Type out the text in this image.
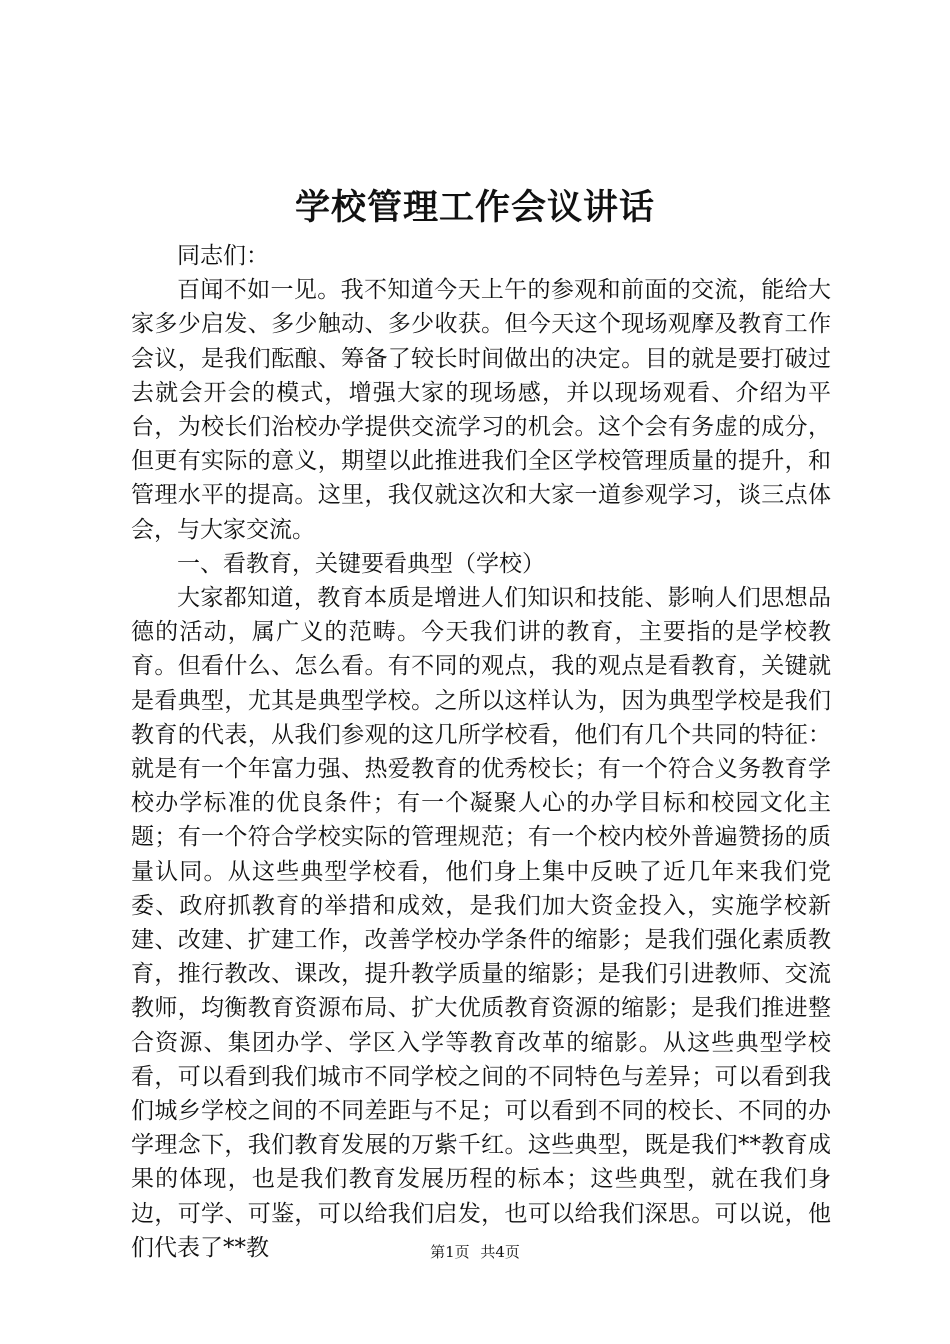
学校管理工作会议讲话

同志们：

百闻不如一见。我不知道今天上午的参观和前面的交流，能给大家多少启发、多少触动、多少收获。但今天这个现场观摩及教育工作会议，是我们酝酿、筹备了较长时间做出的决定。目的就是要打破过去就会开会的模式，增强大家的现场感，并以现场观看、介绍为平台，为校长们治校办学提供交流学习的机会。这个会有务虚的成分，但更有实际的意义，期望以此推进我们全区学校管理质量的提升，和管理水平的提高。这里，我仅就这次和大家一道参观学习，谈三点体会，与大家交流。

一、看教育，关键要看典型（学校）

大家都知道，教育本质是增进人们知识和技能、影响人们思想品德的活动，属广义的范畴。今天我们讲的教育，主要指的是学校教育。但看什么、怎么看。有不同的观点，我的观点是看教育，关键就是看典型，尤其是典型学校。之所以这样认为，因为典型学校是我们教育的代表，从我们参观的这几所学校看，他们有几个共同的特征：就是有一个年富力强、热爱教育的优秀校长；有一个符合义务教育学校办学标准的优良条件；有一个凝聚人心的办学目标和校园文化主题；有一个符合学校实际的管理规范；有一个校内校外普遍赞扬的质量认同。从这些典型学校看，他们身上集中反映了近几年来我们党委、政府抓教育的举措和成效，是我们加大资金投入，实施学校新建、改建、扩建工作，改善学校办学条件的缩影；是我们强化素质教育，推行教改、课改，提升教学质量的缩影；是我们引进教师、交流教师，均衡教育资源布局、扩大优质教育资源的缩影；是我们推进整合资源、集团办学、学区入学等教育改革的缩影。从这些典型学校看，可以看到我们城市不同学校之间的不同特色与差异；可以看到我们城乡学校之间的不同差距与不足；可以看到不同的校长、不同的办学理念下，我们教育发展的万紫千红。这些典型，既是我们**教育成果的体现，也是我们教育发展历程的标本；这些典型，就在我们身边，可学、可鉴，可以给我们启发，也可以给我们深思。可以说，他们代表了**教	第1页 共4页
